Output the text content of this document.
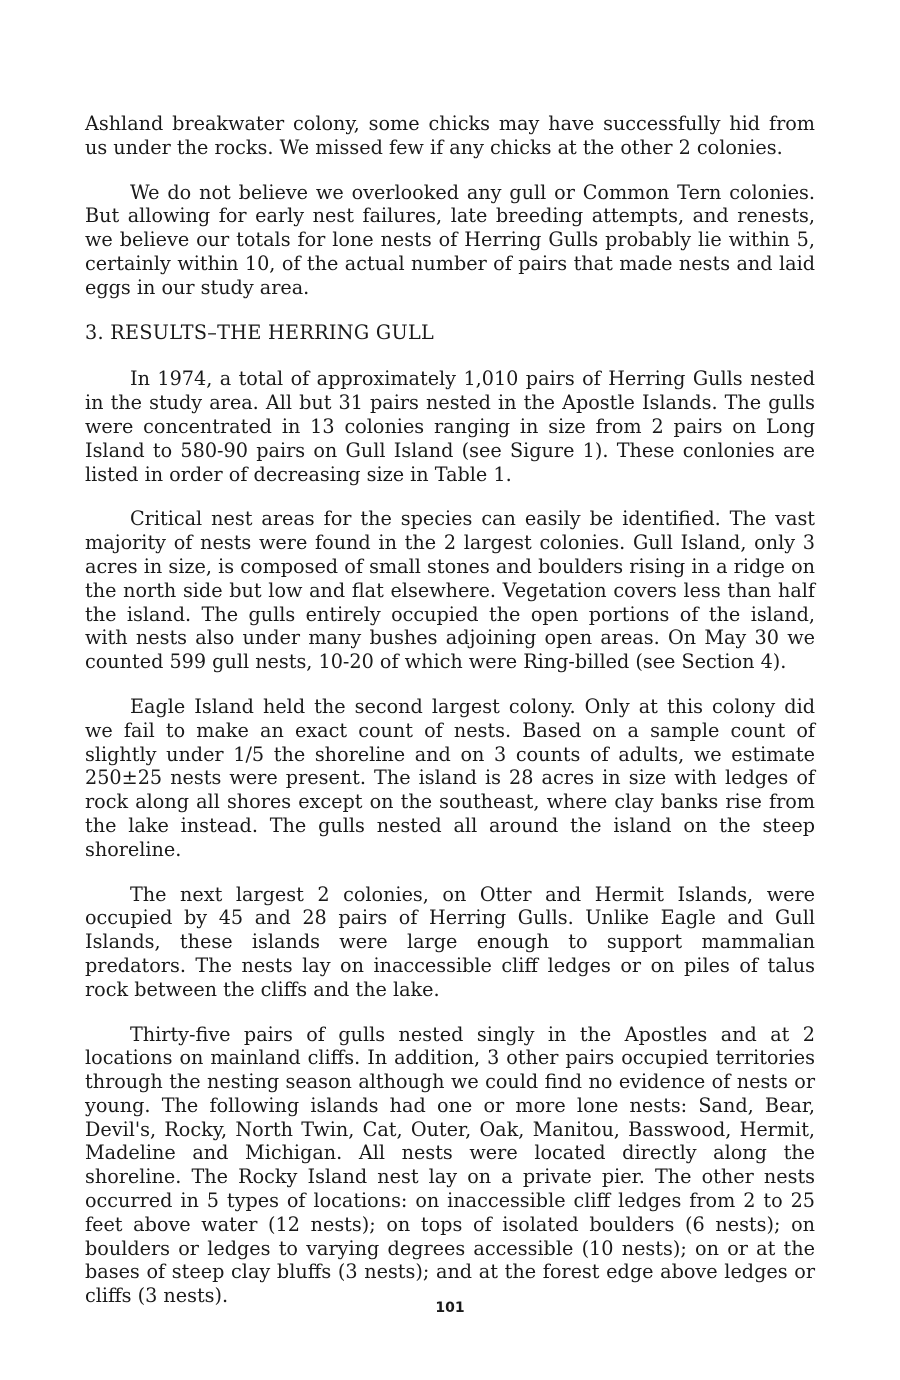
Ashland breakwater colony, some chicks may have successfully hid from us under the rocks. We missed few if any chicks at the other 2 colonies.

We do not believe we overlooked any gull or Common Tern colonies. But allowing for early nest failures, late breeding attempts, and renests, we believe our totals for lone nests of Herring Gulls probably lie within 5, certainly within 10, of the actual number of pairs that made nests and laid eggs in our study area.

3. RESULTS–THE HERRING GULL

In 1974, a total of approximately 1,010 pairs of Herring Gulls nested in the study area. All but 31 pairs nested in the Apostle Islands. The gulls were concentrated in 13 colonies ranging in size from 2 pairs on Long Island to 580-90 pairs on Gull Island (see Sigure 1). These conlonies are listed in order of decreasing size in Table 1.

Critical nest areas for the species can easily be identified. The vast majority of nests were found in the 2 largest colonies. Gull Island, only 3 acres in size, is composed of small stones and boulders rising in a ridge on the north side but low and flat elsewhere. Vegetation covers less than half the island. The gulls entirely occupied the open portions of the island, with nests also under many bushes adjoining open areas. On May 30 we counted 599 gull nests, 10-20 of which were Ring-billed (see Section 4).

Eagle Island held the second largest colony. Only at this colony did we fail to make an exact count of nests. Based on a sample count of slightly under 1/5 the shoreline and on 3 counts of adults, we estimate 250±25 nests were present. The island is 28 acres in size with ledges of rock along all shores except on the southeast, where clay banks rise from the lake instead. The gulls nested all around the island on the steep shoreline.

The next largest 2 colonies, on Otter and Hermit Islands, were occupied by 45 and 28 pairs of Herring Gulls. Unlike Eagle and Gull Islands, these islands were large enough to support mammalian predators. The nests lay on inaccessible cliff ledges or on piles of talus rock between the cliffs and the lake.

Thirty-five pairs of gulls nested singly in the Apostles and at 2 locations on mainland cliffs. In addition, 3 other pairs occupied territories through the nesting season although we could find no evidence of nests or young. The following islands had one or more lone nests: Sand, Bear, Devil's, Rocky, North Twin, Cat, Outer, Oak, Manitou, Basswood, Hermit, Madeline and Michigan. All nests were located directly along the shoreline. The Rocky Island nest lay on a private pier. The other nests occurred in 5 types of locations: on inaccessible cliff ledges from 2 to 25 feet above water (12 nests); on tops of isolated boulders (6 nests); on boulders or ledges to varying degrees accessible (10 nests); on or at the bases of steep clay bluffs (3 nests); and at the forest edge above ledges or cliffs (3 nests).

101
